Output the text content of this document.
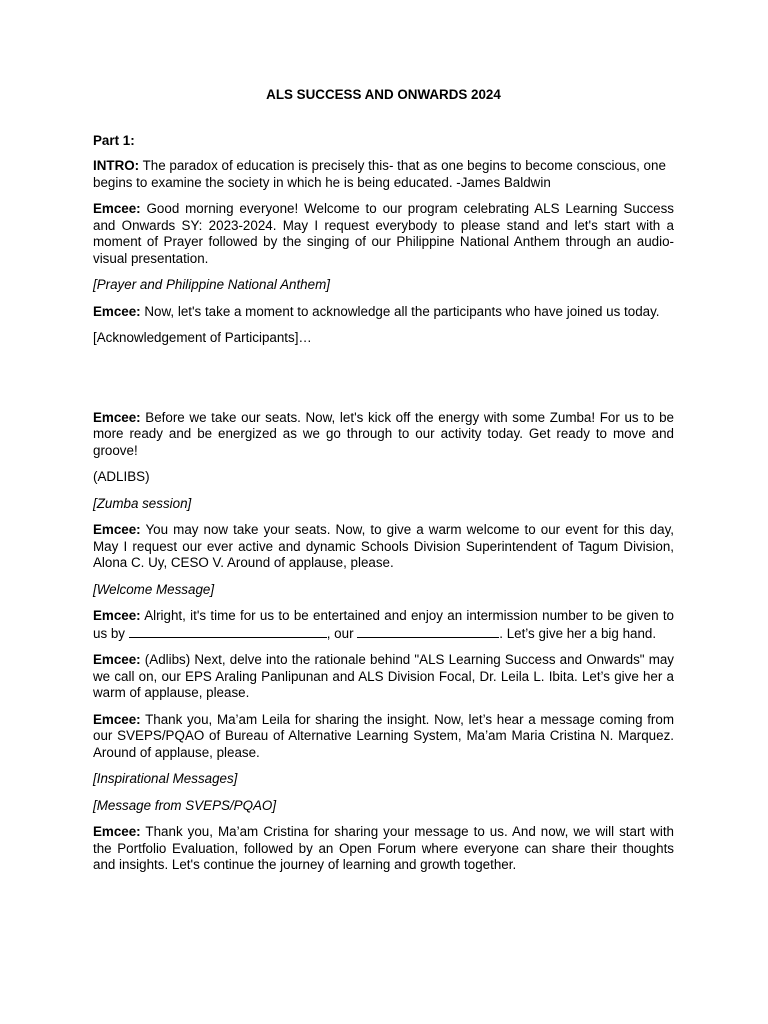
ALS SUCCESS AND ONWARDS 2024
Part 1:

INTRO: The paradox of education is precisely this- that as one begins to become conscious, one begins to examine the society in which he is being educated. -James Baldwin

Emcee: Good morning everyone! Welcome to our program celebrating ALS Learning Success and Onwards SY: 2023-2024. May I request everybody to please stand and let's start with a moment of Prayer followed by the singing of our Philippine National Anthem through an audio-visual presentation.

[Prayer and Philippine National Anthem]

Emcee: Now, let's take a moment to acknowledge all the participants who have joined us today.

[Acknowledgement of Participants]…

Emcee: Before we take our seats. Now, let's kick off the energy with some Zumba! For us to be more ready and be energized as we go through to our activity today. Get ready to move and groove!

(ADLIBS)

[Zumba session]

Emcee: You may now take your seats. Now, to give a warm welcome to our event for this day, May I request our ever active and dynamic Schools Division Superintendent of Tagum Division, Alona C. Uy, CESO V. Around of applause, please.

[Welcome Message]

Emcee: Alright, it's time for us to be entertained and enjoy an intermission number to be given to us by	, our	. Let’s give her a big hand.

Emcee: (Adlibs) Next, delve into the rationale behind "ALS Learning Success and Onwards" may we call on, our EPS Araling Panlipunan and ALS Division Focal, Dr. Leila L. Ibita. Let’s give her a warm of applause, please.

Emcee: Thank you, Ma’am Leila for sharing the insight. Now, let’s hear a message coming from our SVEPS/PQAO of Bureau of Alternative Learning System, Ma’am Maria Cristina N. Marquez. Around of applause, please.

[Inspirational Messages]

[Message from SVEPS/PQAO]

Emcee: Thank you, Ma’am Cristina for sharing your message to us. And now, we will start with the Portfolio Evaluation, followed by an Open Forum where everyone can share their thoughts and insights. Let's continue the journey of learning and growth together.
